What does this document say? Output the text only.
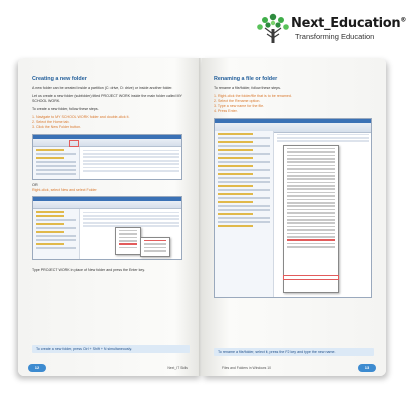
Next_Education®
Transforming Education
Creating a new folder
A new folder can be created inside a partition (C: drive, D: drive) or inside another folder.
Let us create a new folder (subfolder) titled PROJECT WORK inside the main folder called MY SCHOOL WORK.
To create a new folder, follow these steps.
1. Navigate to MY SCHOOL WORK folder and double-click it.
2. Select the Home tab.
3. Click the New Folder button.
OR
Right-click, select New and select Folder
Type PROJECT WORK in place of New folder and press the Enter key.
To create a new folder, press Ctrl + Shift + N simultaneously.
12	Next_IT Skills
Renaming a file or folder
To rename a file/folder, follow these steps.
1. Right-click the folder/file that is to be renamed.
2. Select the Rename option.
3. Type a new name for the file.
4. Press Enter.
To rename a file/folder, select it, press the F2 key and type the new name.
Files and Folders in Windows 10	13
